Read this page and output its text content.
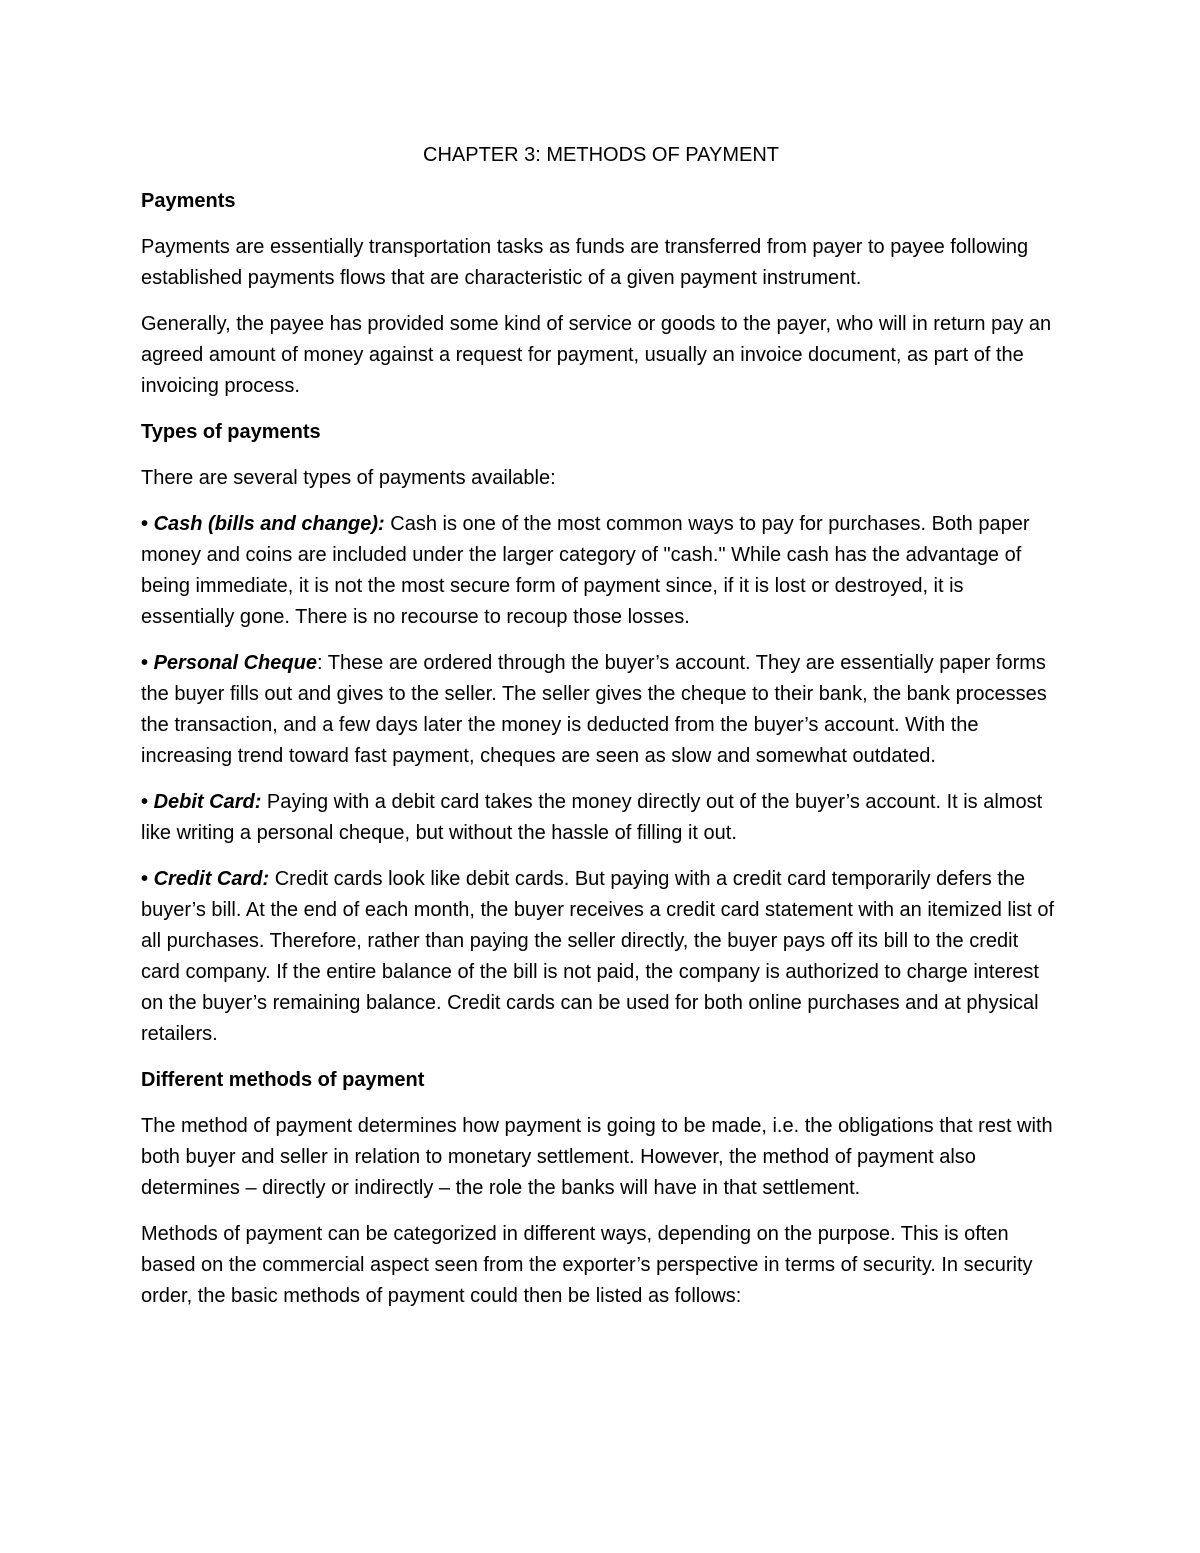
CHAPTER 3: METHODS OF PAYMENT
Payments

Payments are essentially transportation tasks as funds are transferred from payer to payee following established payments flows that are characteristic of a given payment instrument.

Generally, the payee has provided some kind of service or goods to the payer, who will in return pay an agreed amount of money against a request for payment, usually an invoice document, as part of the invoicing process.

Types of payments

There are several types of payments available:

• Cash (bills and change): Cash is one of the most common ways to pay for purchases. Both paper money and coins are included under the larger category of "cash." While cash has the advantage of being immediate, it is not the most secure form of payment since, if it is lost or destroyed, it is essentially gone. There is no recourse to recoup those losses.

• Personal Cheque: These are ordered through the buyer’s account. They are essentially paper forms the buyer fills out and gives to the seller. The seller gives the cheque to their bank, the bank processes the transaction, and a few days later the money is deducted from the buyer’s account. With the increasing trend toward fast payment, cheques are seen as slow and somewhat outdated.

• Debit Card: Paying with a debit card takes the money directly out of the buyer’s account. It is almost like writing a personal cheque, but without the hassle of filling it out.

• Credit Card: Credit cards look like debit cards. But paying with a credit card temporarily defers the buyer’s bill. At the end of each month, the buyer receives a credit card statement with an itemized list of all purchases. Therefore, rather than paying the seller directly, the buyer pays off its bill to the credit card company. If the entire balance of the bill is not paid, the company is authorized to charge interest on the buyer’s remaining balance. Credit cards can be used for both online purchases and at physical retailers.

Different methods of payment

The method of payment determines how payment is going to be made, i.e. the obligations that rest with both buyer and seller in relation to monetary settlement. However, the method of payment also determines – directly or indirectly – the role the banks will have in that settlement.

Methods of payment can be categorized in different ways, depending on the purpose. This is often based on the commercial aspect seen from the exporter’s perspective in terms of security. In security order, the basic methods of payment could then be listed as follows:
